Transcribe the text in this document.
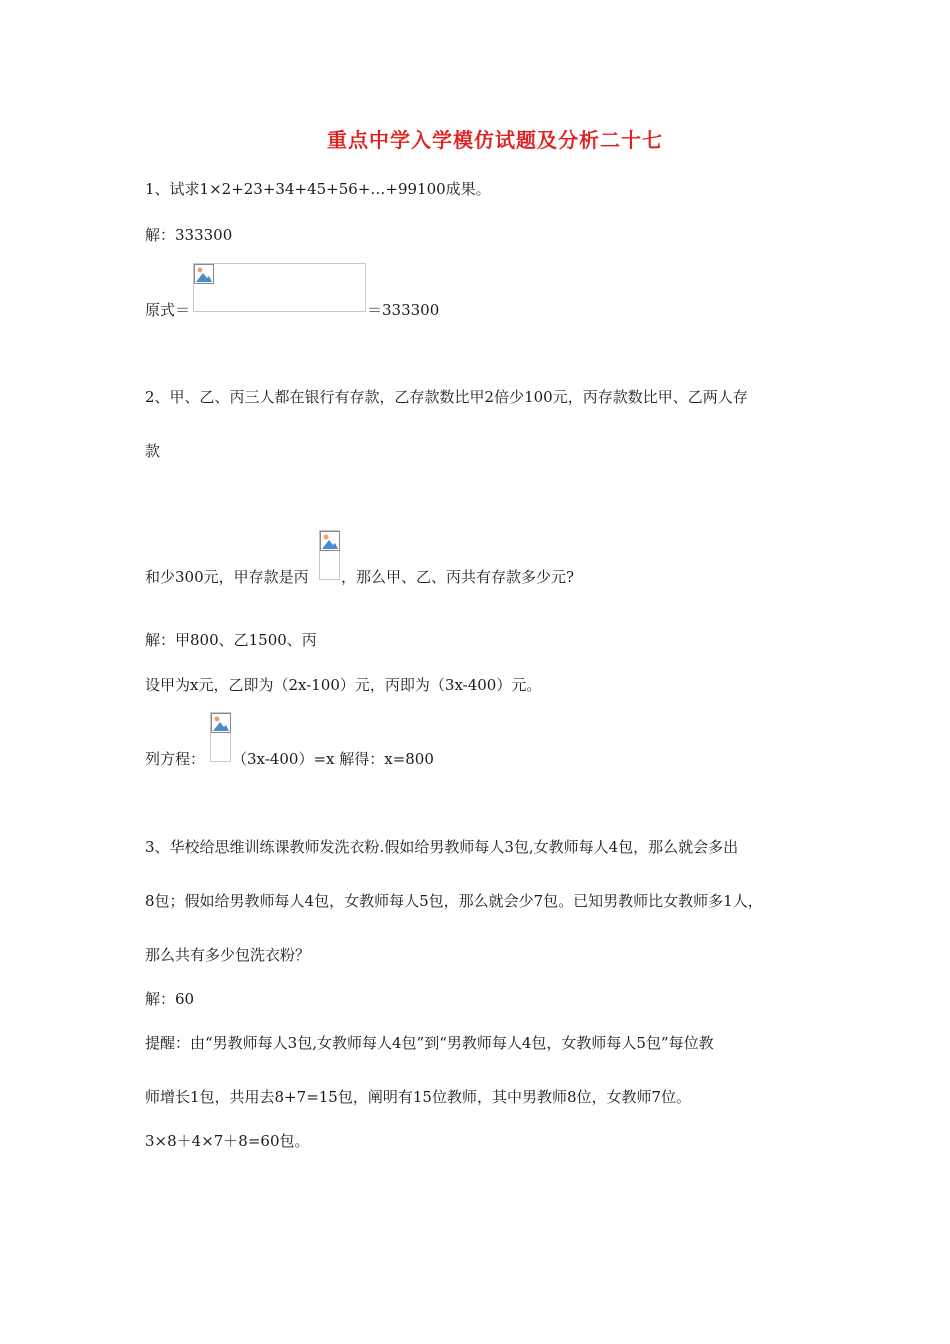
重点中学入学模仿试题及分析二十七
1、试求1×2+23+34+45+56+…+99100成果。
解：333300
原式＝	＝333300
2、甲、乙、丙三人都在银行有存款，乙存款数比甲2倍少100元，丙存款数比甲、乙两人存
款
和少300元，甲存款是丙 ，那么甲、乙、丙共有存款多少元?
解：甲800、乙1500、丙
设甲为x元，乙即为（2x-100）元，丙即为（3x-400）元。
列方程： （3x-400）=x 解得：x=800
3、华校给思维训练课教师发洗衣粉.假如给男教师每人3包,女教师每人4包，那么就会多出
8包；假如给男教师每人4包，女教师每人5包，那么就会少7包。已知男教师比女教师多1人，
那么共有多少包洗衣粉？
解：60
提醒：由“男教师每人3包,女教师每人4包”到“男教师每人4包，女教师每人5包”每位教
师增长1包，共用去8+7=15包，阐明有15位教师，其中男教师8位，女教师7位。
3×8＋4×7＋8=60包。
